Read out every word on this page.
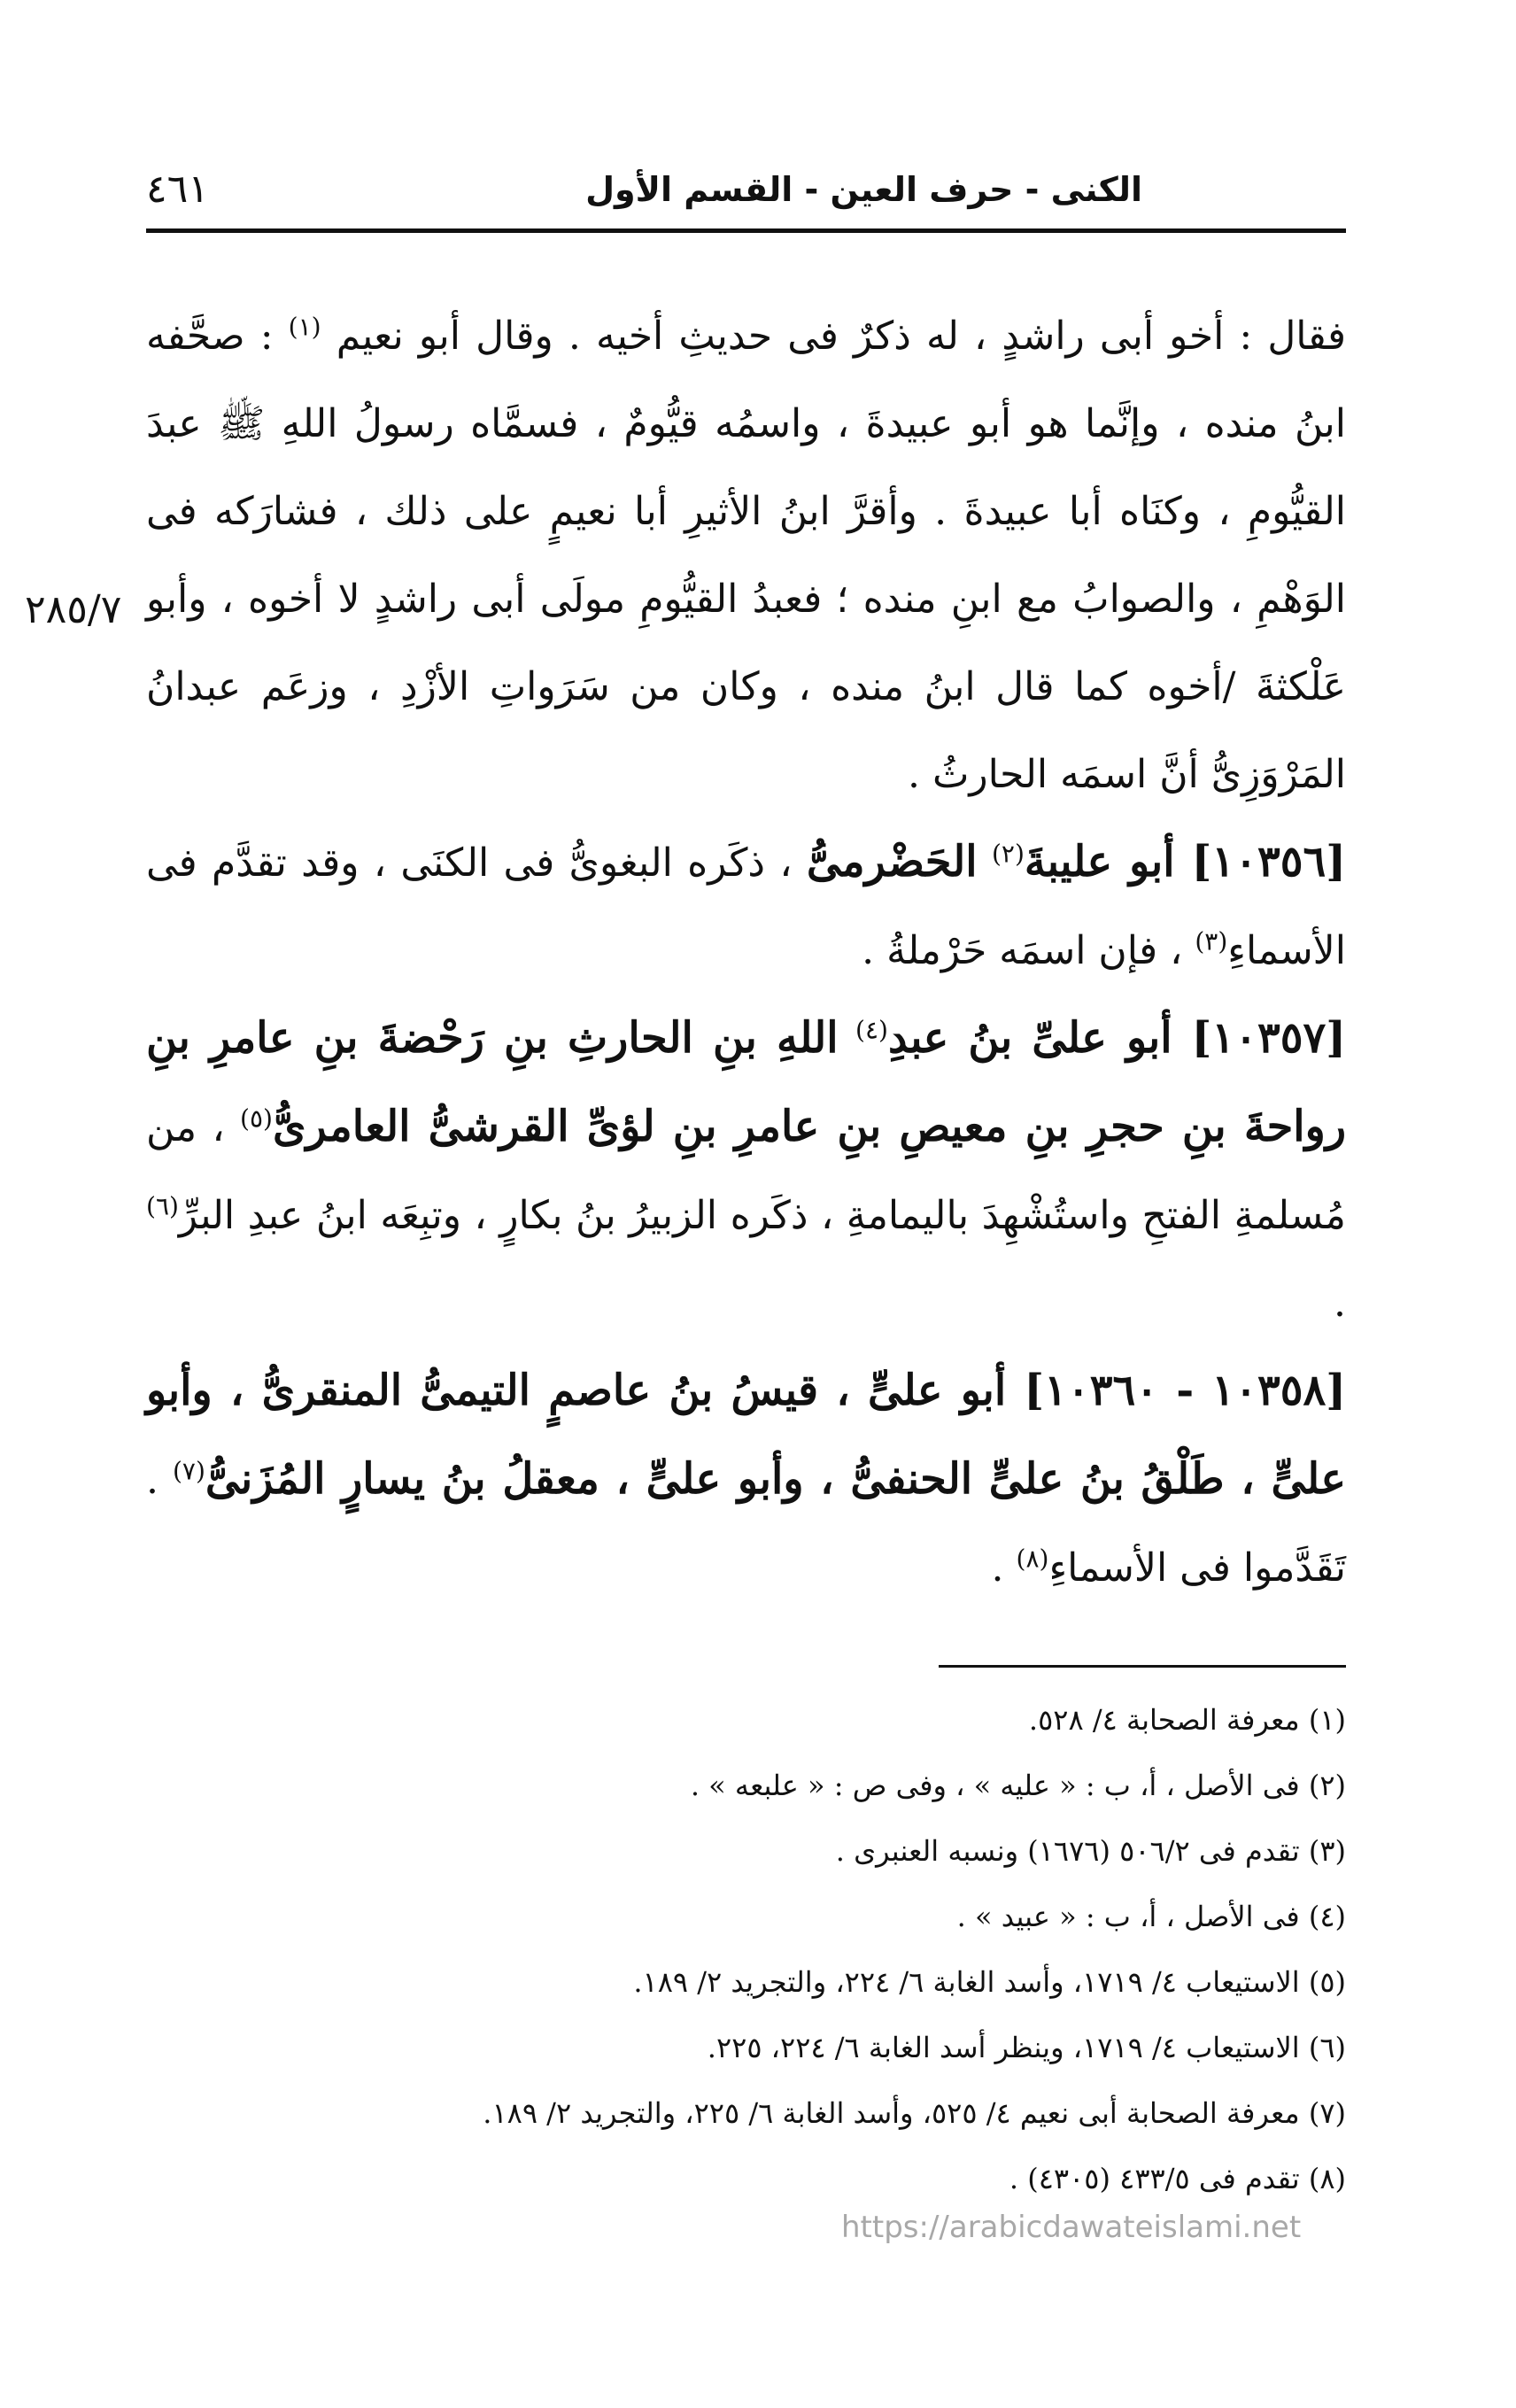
الكنى - حرف العين - القسم الأول
٤٦١
٢٨٥/٧

فقال : أخو أبى راشدٍ ، له ذكرٌ فى حديثِ أخيه . وقال أبو نعيم $^{(١)}$ : صحَّفه ابنُ منده ، وإنَّما هو أبو عبيدةَ ، واسمُه قيُّومٌ ، فسمَّاه رسولُ اللهِ ﷺ عبدَ القيُّومِ ، وكنَاه أبا عبيدةَ . وأقرَّ ابنُ الأثيرِ أبا نعيمٍ على ذلك ، فشارَكه فى الوَهْمِ ، والصوابُ مع ابنِ منده ؛ فعبدُ القيُّومِ مولَى أبى راشدٍ لا أخوه ، وأبو عَلْكثةَ /أخوه كما قال ابنُ منده ، وكان من سَرَواتِ الأزْدِ ، وزعَم عبدانُ المَرْوَزِىُّ أنَّ اسمَه الحارثُ .

[١٠٣٥٦] أبو عليبةَ$^{(٢)}$ الحَضْرمىُّ ، ذكَره البغوىُّ فى الكنَى ، وقد تقدَّم فى الأسماءِ$^{(٣)}$ ، فإن اسمَه حَرْملةُ .

[١٠٣٥٧] أبو علىِّ بنُ عبدِ$^{(٤)}$ اللهِ بنِ الحارثِ بنِ رَحْضةَ بنِ عامرِ بنِ رواحةَ بنِ حجرِ بنِ معيصِ بنِ عامرِ بنِ لؤىِّ القرشىُّ العامرىُّ$^{(٥)}$ ، من مُسلمةِ الفتحِ واستُشْهِدَ باليمامةِ ، ذكَره الزبيرُ بنُ بكارٍ ، وتبِعَه ابنُ عبدِ البرِّ$^{(٦)}$ .

[١٠٣٥٨ - ١٠٣٦٠] أبو علىٍّ ، قيسُ بنُ عاصمٍ التيمىُّ المنقرىُّ ، وأبو علىٍّ ، طَلْقُ بنُ علىٍّ الحنفىُّ ، وأبو علىٍّ ، معقلُ بنُ يسارٍ المُزَنىُّ$^{(٧)}$ . تَقَدَّموا فى الأسماءِ$^{(٨)}$ .

(١) معرفة الصحابة ٤/ ٥٢٨.

(٢) فى الأصل ، أ، ب : « عليه » ، وفى ص : « علبعه » .

(٣) تقدم فى ٥٠٦/٢ (١٦٧٦) ونسبه العنبرى .

(٤) فى الأصل ، أ، ب : « عبيد » .

(٥) الاستيعاب ٤/ ١٧١٩، وأسد الغابة ٦/ ٢٢٤، والتجريد ٢/ ١٨٩.

(٦) الاستيعاب ٤/ ١٧١٩، وينظر أسد الغابة ٦/ ٢٢٤، ٢٢٥.

(٧) معرفة الصحابة أبى نعيم ٤/ ٥٢٥، وأسد الغابة ٦/ ٢٢٥، والتجريد ٢/ ١٨٩.

(٨) تقدم فى ٤٣٣/٥ (٤٣٠٥) .

https://arabicdawateislami.net
